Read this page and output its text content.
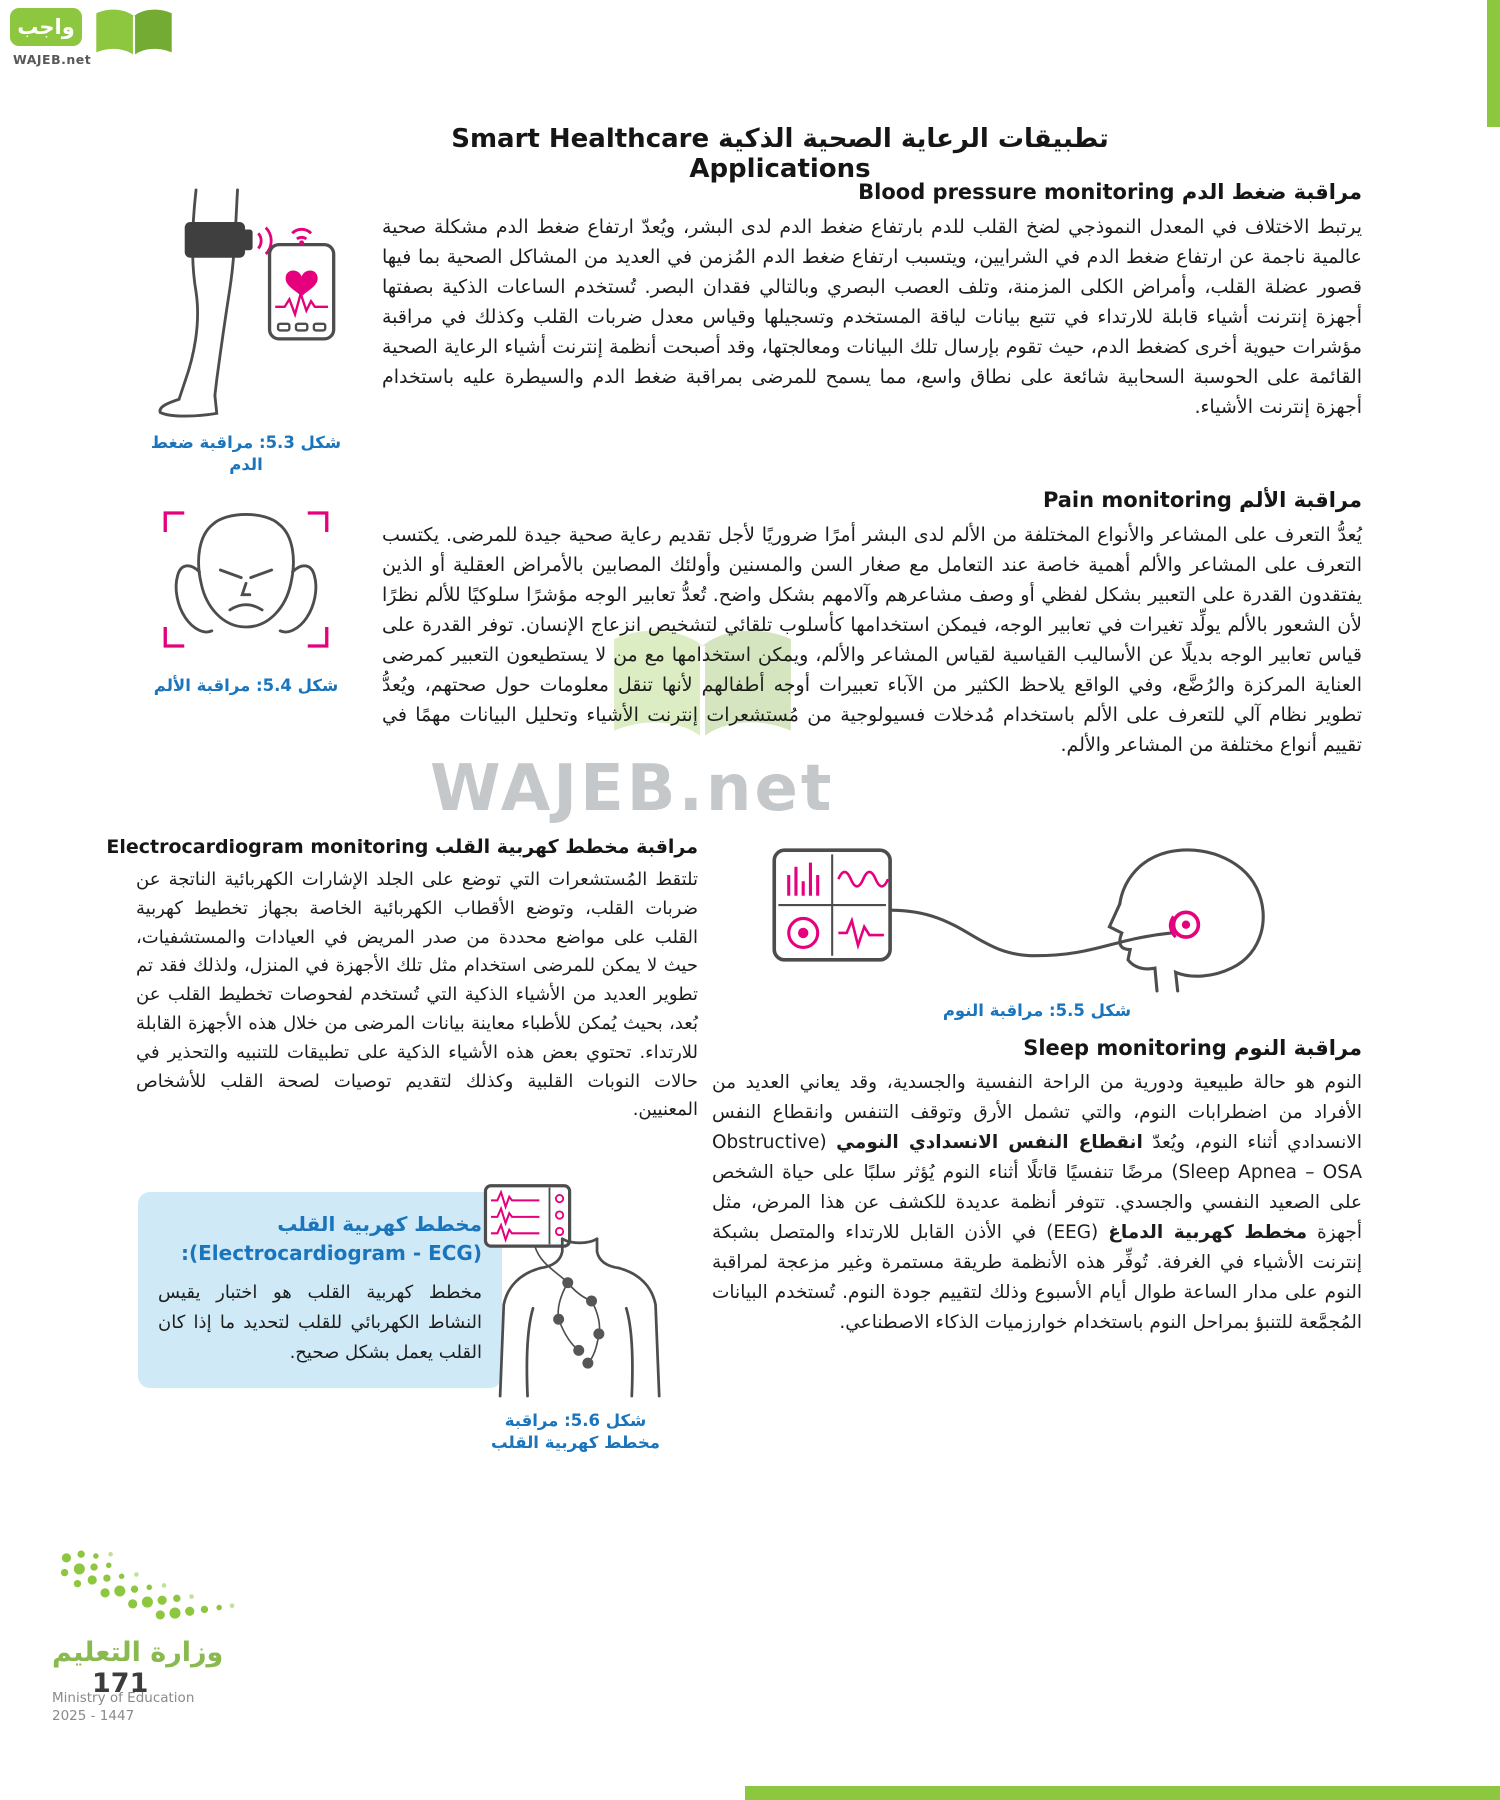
واجب
WAJEB.net
WAJEB.net
تطبيقات الرعاية الصحية الذكية Smart Healthcare Applications
شكل 5.3: مراقبة ضغط الدم
مراقبة ضغط الدم Blood pressure monitoring

يرتبط الاختلاف في المعدل النموذجي لضخ القلب للدم بارتفاع ضغط الدم لدى البشر، ويُعدّ ارتفاع ضغط الدم مشكلة صحية عالمية ناجمة عن ارتفاع ضغط الدم في الشرايين، ويتسبب ارتفاع ضغط الدم المُزمن في العديد من المشاكل الصحية بما فيها قصور عضلة القلب، وأمراض الكلى المزمنة، وتلف العصب البصري وبالتالي فقدان البصر. تُستخدم الساعات الذكية بصفتها أجهزة إنترنت أشياء قابلة للارتداء في تتبع بيانات لياقة المستخدم وتسجيلها وقياس معدل ضربات القلب وكذلك في مراقبة مؤشرات حيوية أخرى كضغط الدم، حيث تقوم بإرسال تلك البيانات ومعالجتها، وقد أصبحت أنظمة إنترنت أشياء الرعاية الصحية القائمة على الحوسبة السحابية شائعة على نطاق واسع، مما يسمح للمرضى بمراقبة ضغط الدم والسيطرة عليه باستخدام أجهزة إنترنت الأشياء.

شكل 5.4: مراقبة الألم
مراقبة الألم Pain monitoring

يُعدُّ التعرف على المشاعر والأنواع المختلفة من الألم لدى البشر أمرًا ضروريًا لأجل تقديم رعاية صحية جيدة للمرضى. يكتسب التعرف على المشاعر والألم أهمية خاصة عند التعامل مع صغار السن والمسنين وأولئك المصابين بالأمراض العقلية أو الذين يفتقدون القدرة على التعبير بشكل لفظي أو وصف مشاعرهم وآلامهم بشكل واضح. تُعدُّ تعابير الوجه مؤشرًا سلوكيًا للألم نظرًا لأن الشعور بالألم يولِّد تغيرات في تعابير الوجه، فيمكن استخدامها كأسلوب تلقائي لتشخيص انزعاج الإنسان. توفر القدرة على قياس تعابير الوجه بديلًا عن الأساليب القياسية لقياس المشاعر والألم، ويمكن استخدامها مع من لا يستطيعون التعبير كمرضى العناية المركزة والرُضَّع، وفي الواقع يلاحظ الكثير من الآباء تعبيرات أوجه أطفالهم لأنها تنقل معلومات حول صحتهم، ويُعدُّ تطوير نظام آلي للتعرف على الألم باستخدام مُدخلات فسيولوجية من مُستشعرات إنترنت الأشياء وتحليل البيانات مهمًا في تقييم أنواع مختلفة من المشاعر والألم.

مراقبة مخطط كهربية القلب Electrocardiogram monitoring

تلتقط المُستشعرات التي توضع على الجلد الإشارات الكهربائية الناتجة عن ضربات القلب، وتوضع الأقطاب الكهربائية الخاصة بجهاز تخطيط كهربية القلب على مواضع محددة من صدر المريض في العيادات والمستشفيات، حيث لا يمكن للمرضى استخدام مثل تلك الأجهزة في المنزل، ولذلك فقد تم تطوير العديد من الأشياء الذكية التي تُستخدم لفحوصات تخطيط القلب عن بُعد، بحيث يُمكن للأطباء معاينة بيانات المرضى من خلال هذه الأجهزة القابلة للارتداء. تحتوي بعض هذه الأشياء الذكية على تطبيقات للتنبيه والتحذير في حالات النوبات القلبية وكذلك لتقديم توصيات لصحة القلب للأشخاص المعنيين.

شكل 5.5: مراقبة النوم
مراقبة النوم Sleep monitoring

النوم هو حالة طبيعية ودورية من الراحة النفسية والجسدية، وقد يعاني العديد من الأفراد من اضطرابات النوم، والتي تشمل الأرق وتوقف التنفس وانقطاع النفس الانسدادي أثناء النوم، ويُعدّ انقطاع النفس الانسدادي النومي (Obstructive Sleep Apnea – OSA) مرضًا تنفسيًا قاتلًا أثناء النوم يُؤثر سلبًا على حياة الشخص على الصعيد النفسي والجسدي. تتوفر أنظمة عديدة للكشف عن هذا المرض، مثل أجهزة مخطط كهربية الدماغ (EEG) في الأذن القابل للارتداء والمتصل بشبكة إنترنت الأشياء في الغرفة. تُوفِّر هذه الأنظمة طريقة مستمرة وغير مزعجة لمراقبة النوم على مدار الساعة طوال أيام الأسبوع وذلك لتقييم جودة النوم. تُستخدم البيانات المُجمَّعة للتنبؤ بمراحل النوم باستخدام خوارزميات الذكاء الاصطناعي.

مخطط كهربية القلب
(Electrocardiogram - ECG):

مخطط كهربية القلب هو اختبار يقيس النشاط الكهربائي للقلب لتحديد ما إذا كان القلب يعمل بشكل صحيح.

شكل 5.6: مراقبة
مخطط كهربية القلب
وزارة التعليم
Ministry of Education
2025 - 1447
171
